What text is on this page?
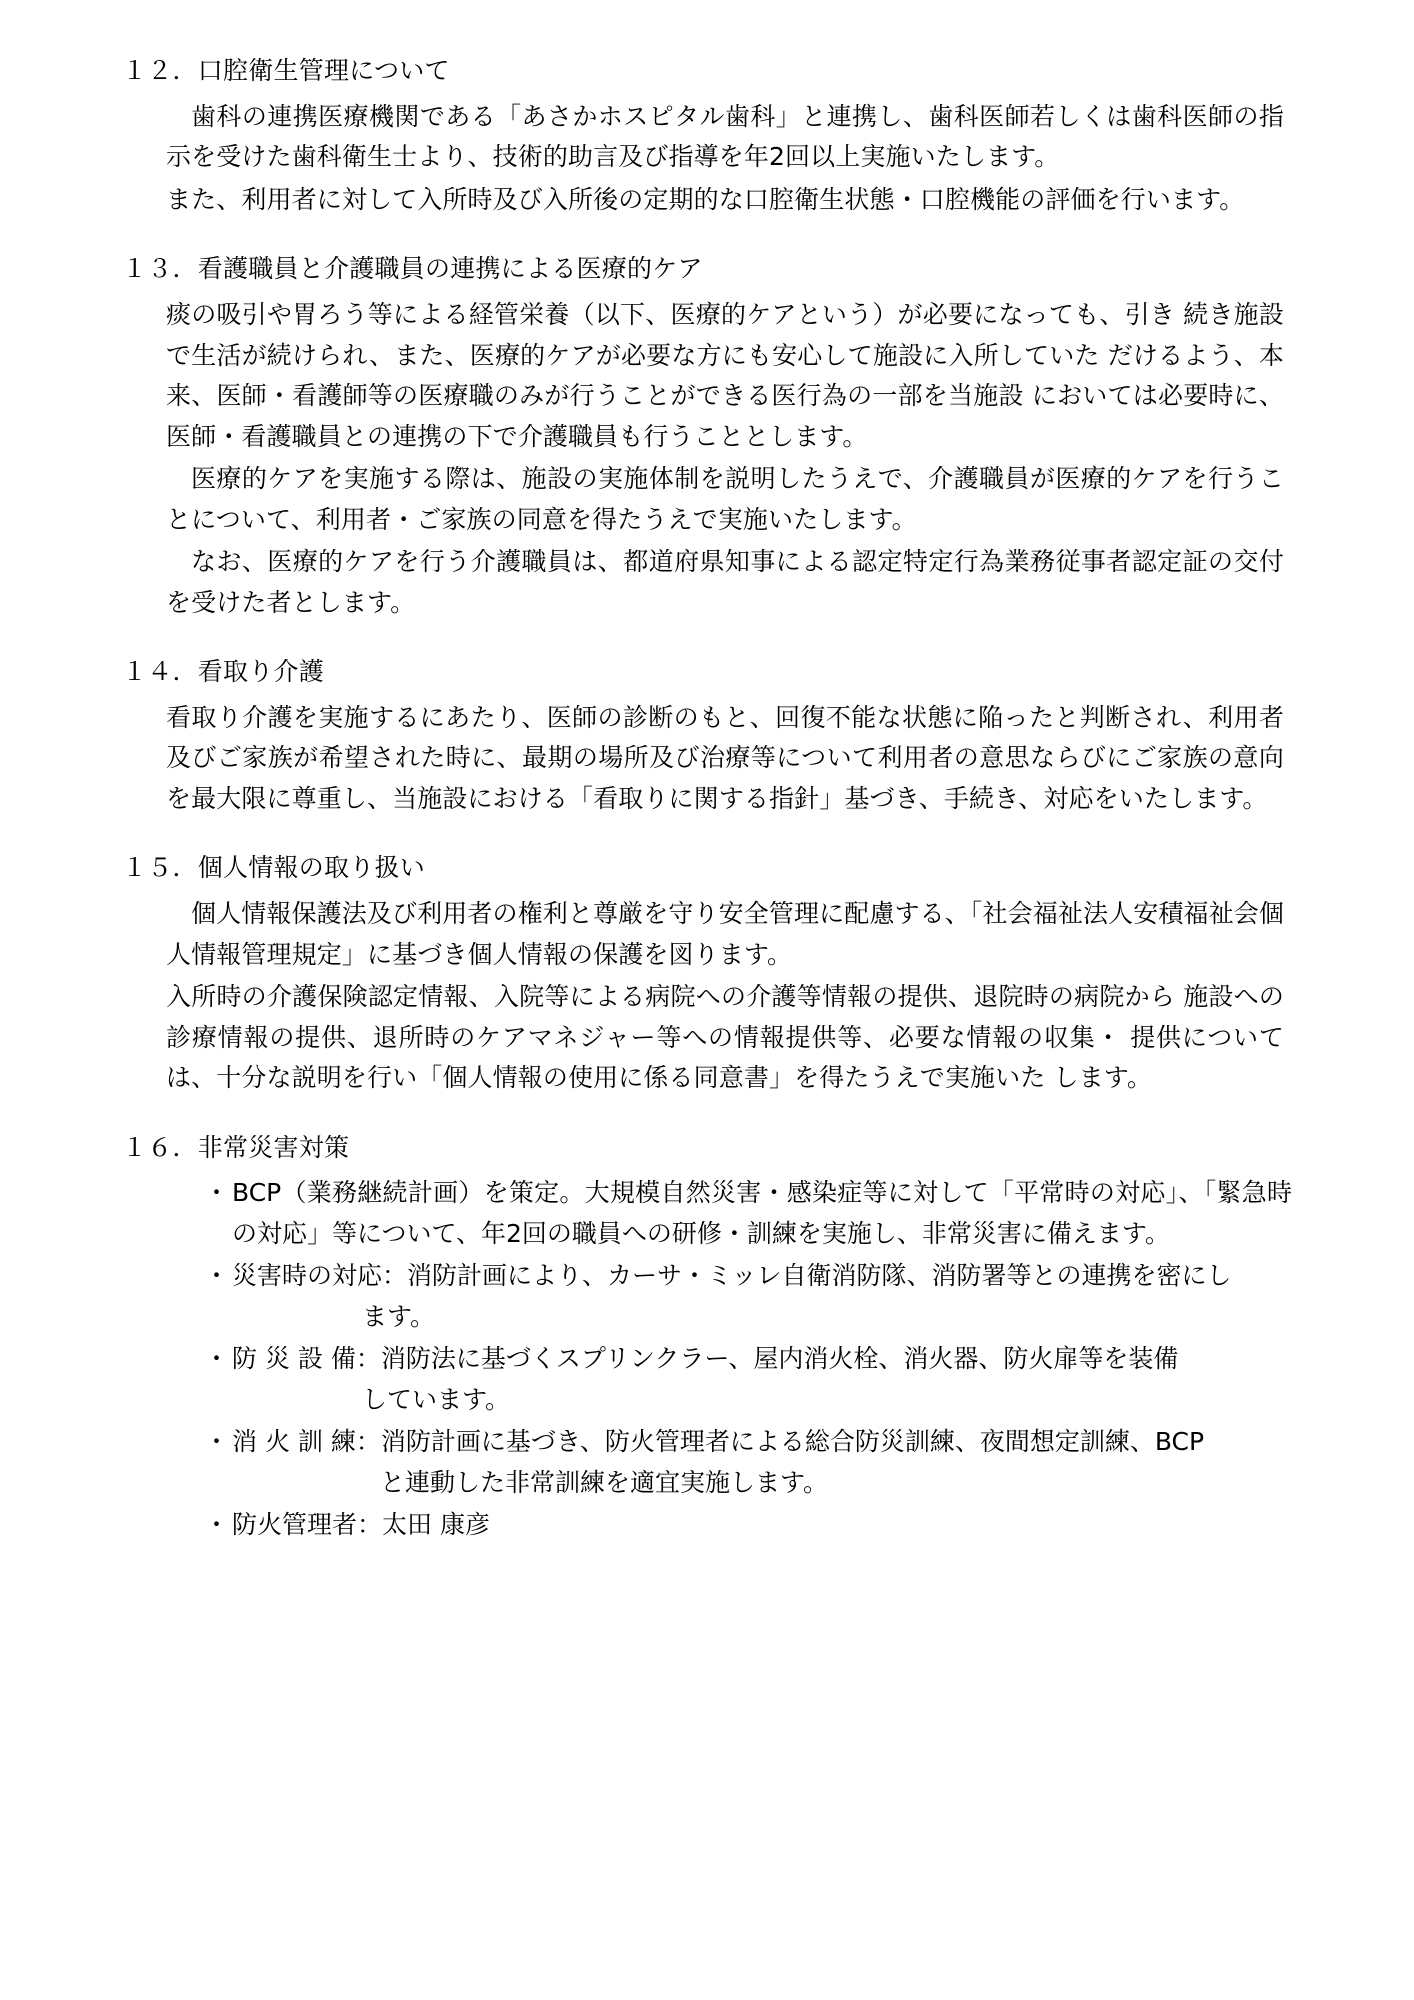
１２．口腔衛生管理について

歯科の連携医療機関である「あさかホスピタル歯科」と連携し、歯科医師若しくは歯科医師の指示を受けた歯科衛生士より、技術的助言及び指導を年2回以上実施いたします。

また、利用者に対して入所時及び入所後の定期的な口腔衛生状態・口腔機能の評価を行います。

１３．看護職員と介護職員の連携による医療的ケア

痰の吸引や胃ろう等による経管栄養（以下、医療的ケアという）が必要になっても、引き 続き施設で生活が続けられ、また、医療的ケアが必要な方にも安心して施設に入所していた だけるよう、本来、医師・看護師等の医療職のみが行うことができる医行為の一部を当施設 においては必要時に、医師・看護職員との連携の下で介護職員も行うこととします。

医療的ケアを実施する際は、施設の実施体制を説明したうえで、介護職員が医療的ケアを行うことについて、利用者・ご家族の同意を得たうえで実施いたします。

なお、医療的ケアを行う介護職員は、都道府県知事による認定特定行為業務従事者認定証の交付を受けた者とします。

１４．看取り介護

看取り介護を実施するにあたり、医師の診断のもと、回復不能な状態に陥ったと判断され、利用者及びご家族が希望された時に、最期の場所及び治療等について利用者の意思ならびにご家族の意向を最大限に尊重し、当施設における「看取りに関する指針」基づき、手続き、対応をいたします。

１５．個人情報の取り扱い

個人情報保護法及び利用者の権利と尊厳を守り安全管理に配慮する、「社会福祉法人安積福祉会個人情報管理規定」に基づき個人情報の保護を図ります。

入所時の介護保険認定情報、入院等による病院への介護等情報の提供、退院時の病院から 施設への診療情報の提供、退所時のケアマネジャー等への情報提供等、必要な情報の収集・ 提供については、十分な説明を行い「個人情報の使用に係る同意書」を得たうえで実施いた します。

１６．非常災害対策
・ BCP（業務継続計画）を策定。大規模自然災害・感染症等に対して「平常時の対応」、「緊急時の対応」等について、年2回の職員への研修・訓練を実施し、非常災害に備えます。
・ 災害時の対応：消防計画により、カーサ・ミッレ自衛消防隊、消防署等との連携を密にし
ます。
・ 防 災 設 備：消防法に基づくスプリンクラー、屋内消火栓、消火器、防火扉等を装備
しています。
・ 消 火 訓 練：消防計画に基づき、防火管理者による総合防災訓練、夜間想定訓練、BCP
と連動した非常訓練を適宜実施します。
・ 防火管理者：太田 康彦
